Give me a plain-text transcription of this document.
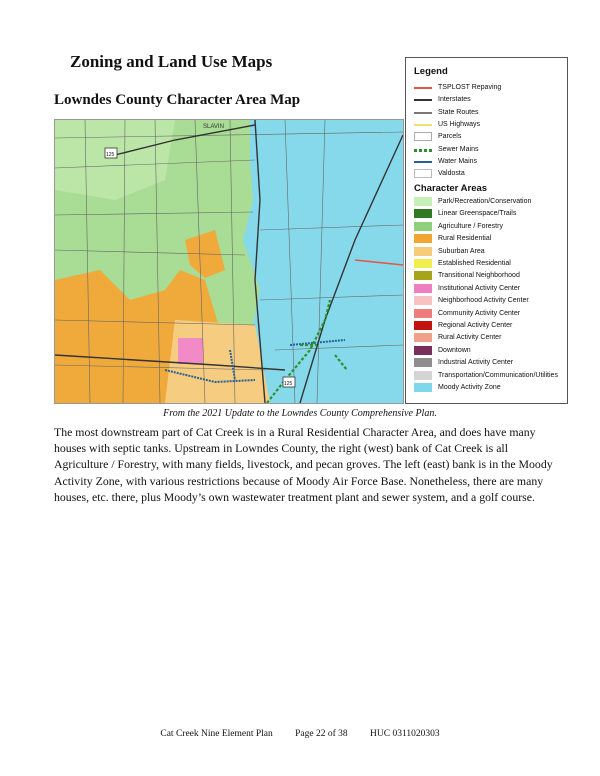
Zoning and Land Use Maps
Lowndes County Character Area Map
SLAVIN
125
125
Legend
TSPLOST Repaving
Interstates
State Routes
US Highways
Parcels
Sewer Mains
Water Mains
Valdosta
Character Areas
Park/Recreation/Conservation
Linear Greenspace/Trails
Agriculture / Forestry
Rural Residential
Suburban Area
Established Residential
Transitional Neighborhood
Institutional Activity Center
Neighborhood Activity Center
Community Activity Center
Regional Activity Center
Rural Activity Center
Downtown
Industrial Activity Center
Transportation/Communication/Utilities
Moody Activity Zone
From the 2021 Update to the Lowndes County Comprehensive Plan.
The most downstream part of Cat Creek is in a Rural Residential Character Area, and does have many houses with septic tanks. Upstream in Lowndes County, the right (west) bank of Cat Creek is all Agriculture / Forestry, with many fields, livestock, and pecan groves. The left (east) bank is in the Moody Activity Zone, with various restrictions because of Moody Air Force Base. Nonetheless, there are many houses, etc. there, plus Moody’s own wastewater treatment plant and sewer system, and a golf course.
Cat Creek Nine Element Plan Page 22 of 38 HUC 0311020303
